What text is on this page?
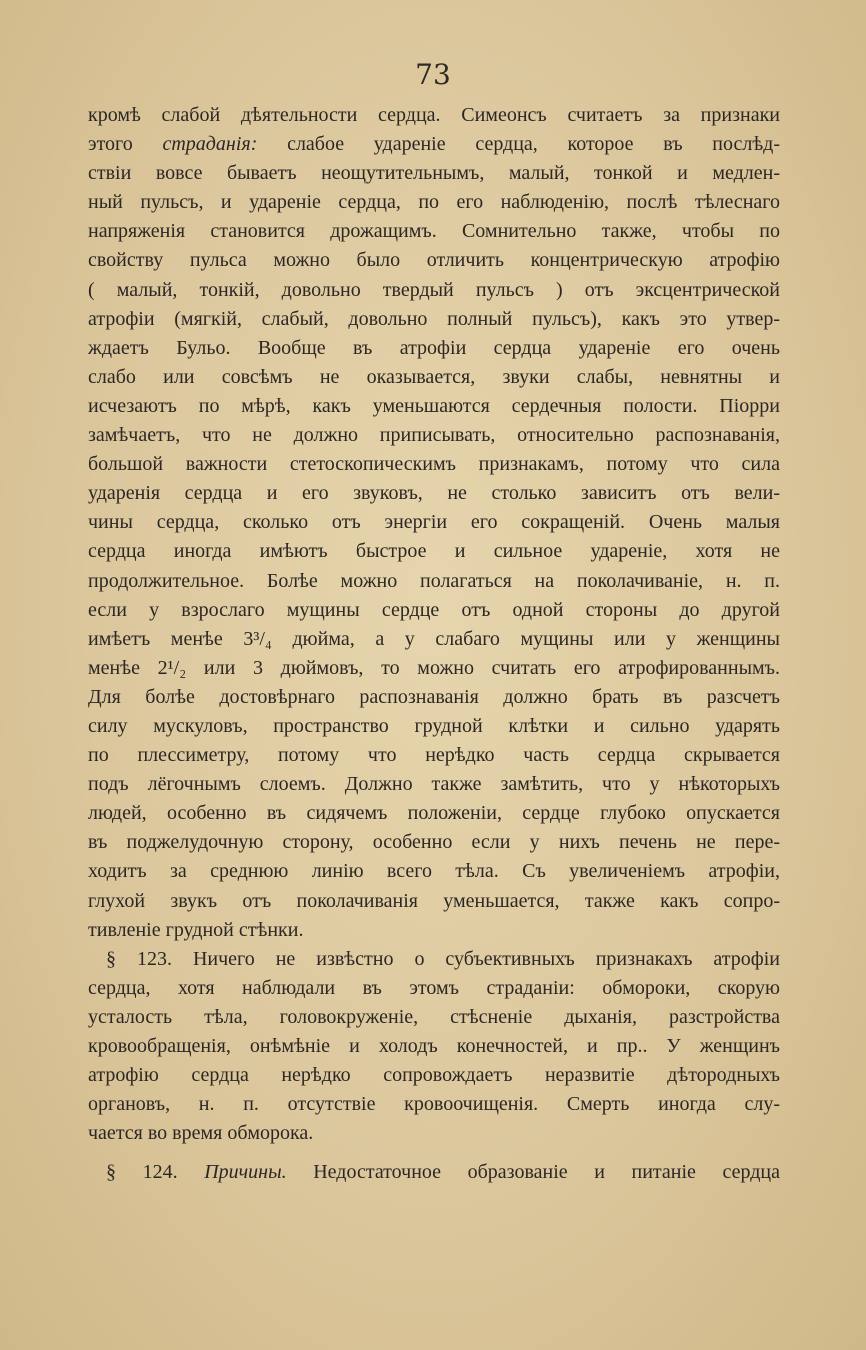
73
кромѣ слабой дѣятельности сердца. Симеонсъ считаетъ за признаки
этого страданія: слабое удареніе сердца, которое въ послѣд-
ствіи вовсе бываетъ неощутительнымъ, малый, тонкой и медлен-
ный пульсъ, и удареніе сердца, по его наблюденію, послѣ тѣлеснаго
напряженія становится дрожащимъ. Сомнительно также, чтобы по
свойству пульса можно было отличить концентрическую атрофію
( малый, тонкій, довольно твердый пульсъ ) отъ эксцентрической
атрофіи (мягкій, слабый, довольно полный пульсъ), какъ это утвер-
ждаетъ Бульо. Вообще въ атрофіи сердца удареніе его очень
слабо или совсѣмъ не оказывается, звуки слабы, невнятны и
исчезаютъ по мѣрѣ, какъ уменьшаются сердечныя полости. Піорри
замѣчаетъ, что не должно приписывать, относительно распознаванія,
большой важности стетоскопическимъ признакамъ, потому что сила
ударенія сердца и его звуковъ, не столько зависитъ отъ вели-
чины сердца, сколько отъ энергіи его сокращеній. Очень малыя
сердца иногда имѣютъ быстрое и сильное удареніе, хотя не
продолжительное. Болѣе можно полагаться на поколачиваніе, н. п.
если у взрослаго мущины сердце отъ одной стороны до другой
имѣетъ менѣе 3³/₄ дюйма, а у слабаго мущины или у женщины
менѣе 2¹/₂ или 3 дюймовъ, то можно считать его атрофированнымъ.
Для болѣе достовѣрнаго распознаванія должно брать въ разсчетъ
силу мускуловъ, пространство грудной клѣтки и сильно ударять
по плессиметру, потому что нерѣдко часть сердца скрывается
подъ лёгочнымъ слоемъ. Должно также замѣтить, что у нѣкоторыхъ
людей, особенно въ сидячемъ положеніи, сердце глубоко опускается
въ поджелудочную сторону, особенно если у нихъ печень не пере-
ходитъ за среднюю линію всего тѣла. Съ увеличеніемъ атрофіи,
глухой звукъ отъ поколачиванія уменьшается, также какъ сопро-
тивленіе грудной стѣнки.
§ 123. Ничего не извѣстно о субъективныхъ признакахъ атрофіи
сердца, хотя наблюдали въ этомъ страданіи: обмороки, скорую
усталость тѣла, головокруженіе, стѣсненіе дыханія, разстройства
кровообращенія, онѣмѣніе и холодъ конечностей, и пр.. У женщинъ
атрофію сердца нерѣдко сопровождаетъ неразвитіе дѣтородныхъ
органовъ, н. п. отсутствіе кровоочищенія. Смерть иногда слу-
чается во время обморока.
§ 124. Причины. Недостаточное образованіе и питаніе сердца
